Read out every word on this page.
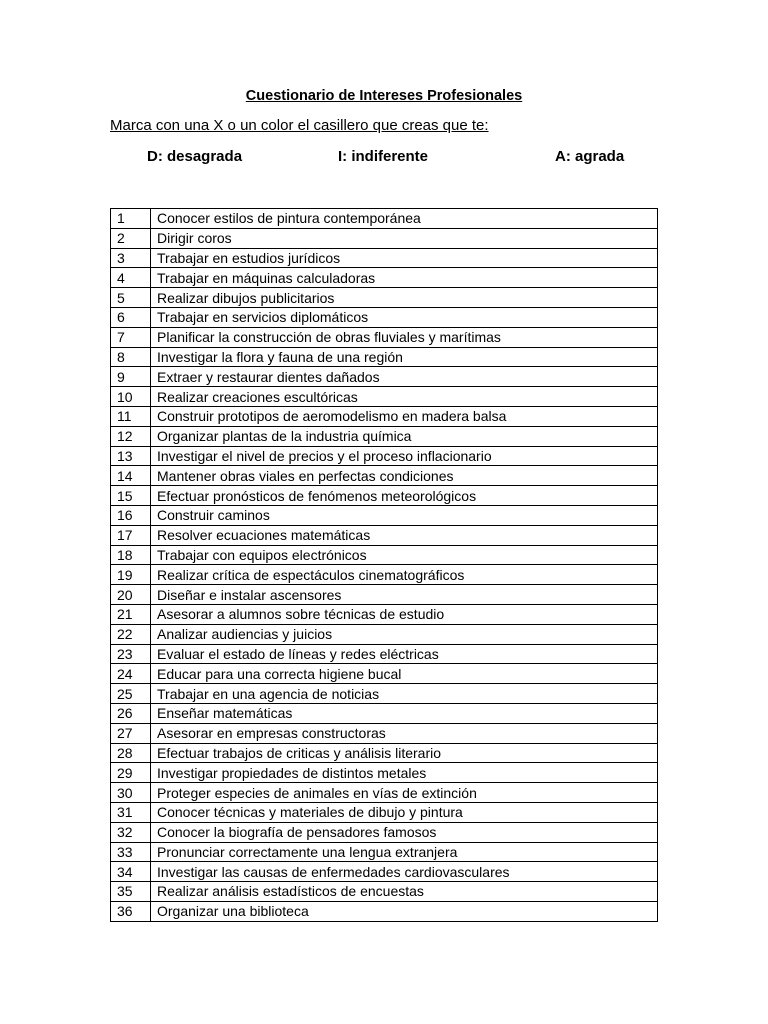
Cuestionario de Intereses Profesionales
Marca con una X o un color el casillero que creas que te:
D: desagrada	I: indiferente	A: agrada
1	Conocer estilos de pintura contemporánea
2	Dirigir coros
3	Trabajar en estudios jurídicos
4	Trabajar en máquinas calculadoras
5	Realizar dibujos publicitarios
6	Trabajar en servicios diplomáticos
7	Planificar la construcción de obras fluviales y marítimas
8	Investigar la flora y fauna de una región
9	Extraer y restaurar dientes dañados
10	Realizar creaciones escultóricas
11	Construir prototipos de aeromodelismo en madera balsa
12	Organizar plantas de la industria química
13	Investigar el nivel de precios y el proceso inflacionario
14	Mantener obras viales en perfectas condiciones
15	Efectuar pronósticos de fenómenos meteorológicos
16	Construir caminos
17	Resolver ecuaciones matemáticas
18	Trabajar con equipos electrónicos
19	Realizar crítica de espectáculos cinematográficos
20	Diseñar e instalar ascensores
21	Asesorar a alumnos sobre técnicas de estudio
22	Analizar audiencias y juicios
23	Evaluar el estado de líneas y redes eléctricas
24	Educar para una correcta higiene bucal
25	Trabajar en una agencia de noticias
26	Enseñar matemáticas
27	Asesorar en empresas constructoras
28	Efectuar trabajos de criticas y análisis literario
29	Investigar propiedades de distintos metales
30	Proteger especies de animales en vías de extinción
31	Conocer técnicas y materiales de dibujo y pintura
32	Conocer la biografía de pensadores famosos
33	Pronunciar correctamente una lengua extranjera
34	Investigar las causas de enfermedades cardiovasculares
35	Realizar análisis estadísticos de encuestas
36	Organizar una biblioteca
